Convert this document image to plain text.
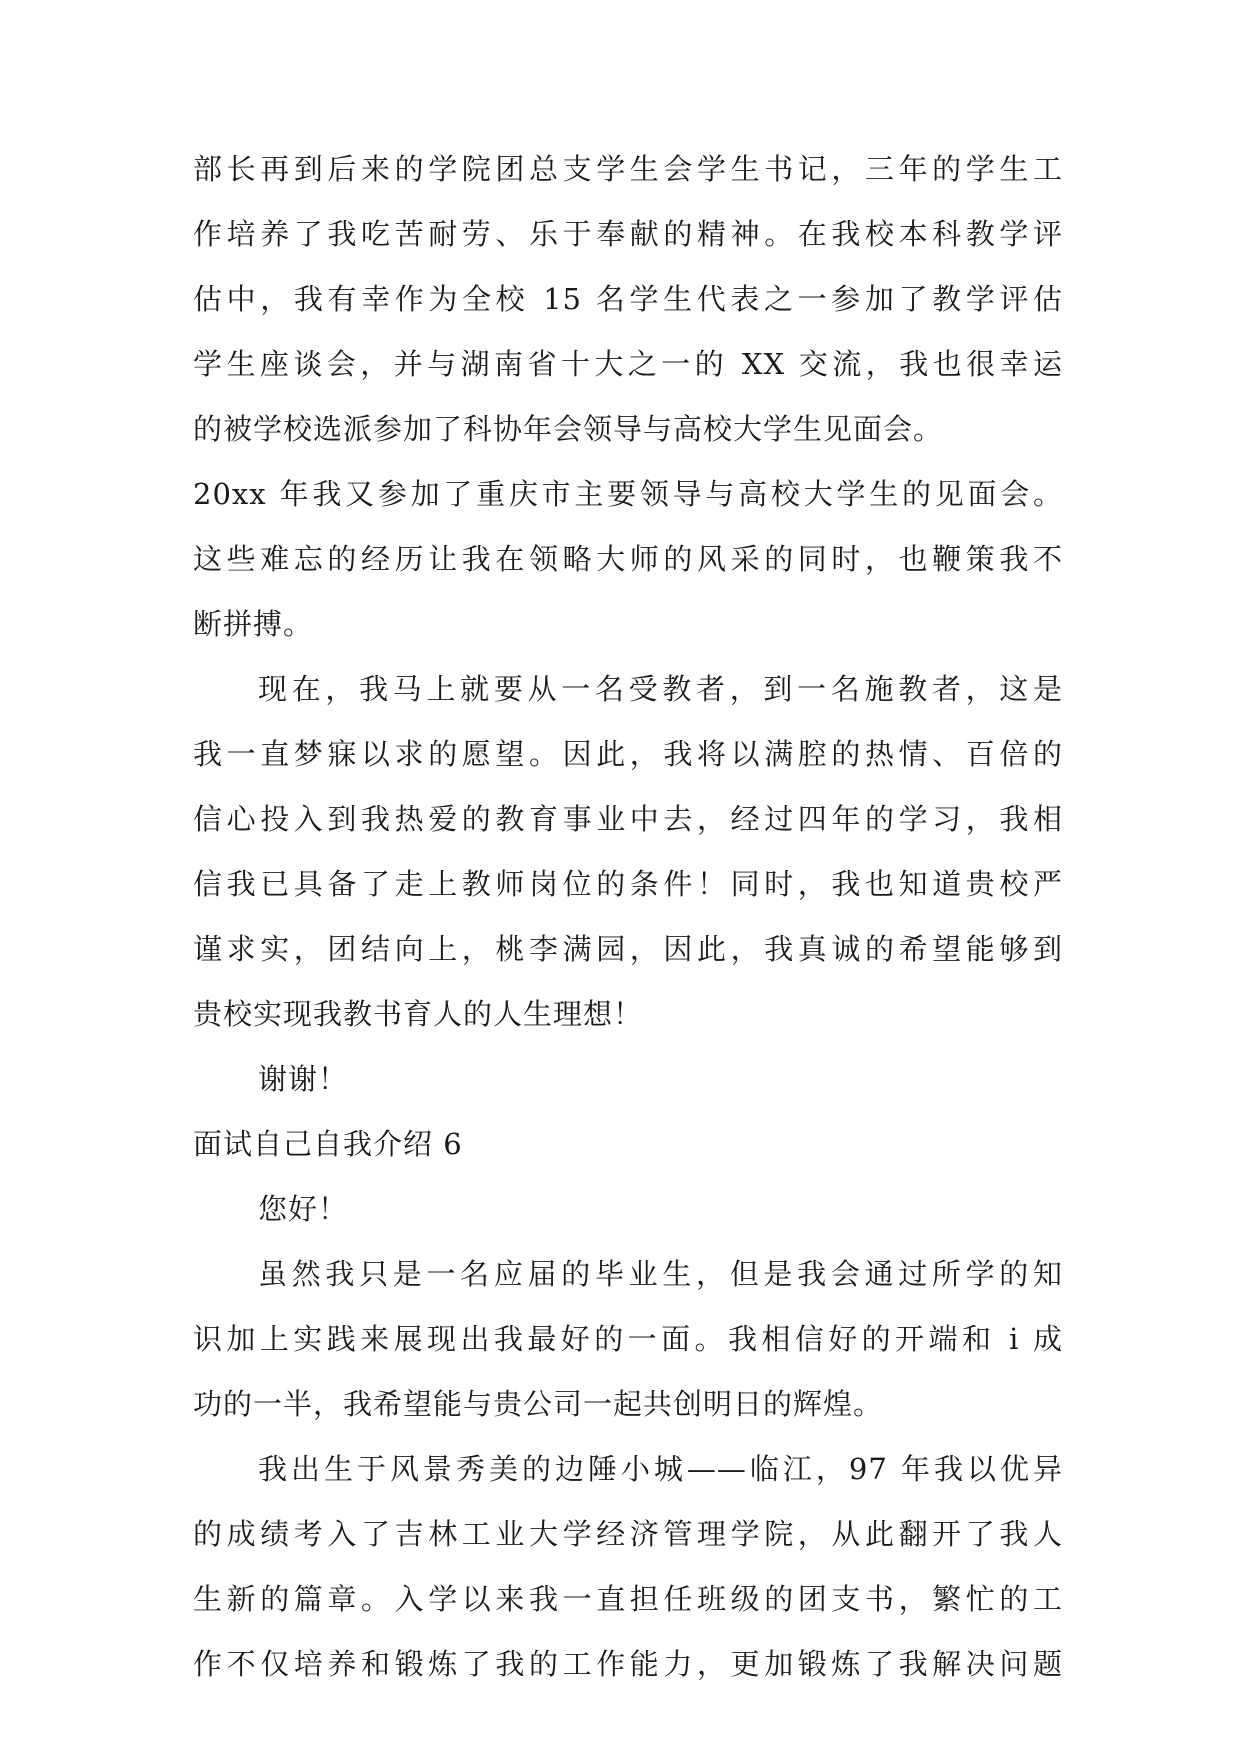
部长再到后来的学院团总支学生会学生书记，三年的学生工
作培养了我吃苦耐劳、乐于奉献的精神。在我校本科教学评
估中，我有幸作为全校 15 名学生代表之一参加了教学评估
学生座谈会，并与湖南省十大之一的 XX 交流，我也很幸运
的被学校选派参加了科协年会领导与高校大学生见面会。
20xx 年我又参加了重庆市主要领导与高校大学生的见面会。
这些难忘的经历让我在领略大师的风采的同时，也鞭策我不
断拼搏。
现在，我马上就要从一名受教者，到一名施教者，这是
我一直梦寐以求的愿望。因此，我将以满腔的热情、百倍的
信心投入到我热爱的教育事业中去，经过四年的学习，我相
信我已具备了走上教师岗位的条件！同时，我也知道贵校严
谨求实，团结向上，桃李满园，因此，我真诚的希望能够到
贵校实现我教书育人的人生理想！
谢谢！
面试自己自我介绍 6
您好！
虽然我只是一名应届的毕业生，但是我会通过所学的知
识加上实践来展现出我最好的一面。我相信好的开端和 i 成
功的一半，我希望能与贵公司一起共创明日的辉煌。
我出生于风景秀美的边陲小城——临江，97 年我以优异
的成绩考入了吉林工业大学经济管理学院，从此翻开了我人
生新的篇章。入学以来我一直担任班级的团支书，繁忙的工
作不仅培养和锻炼了我的工作能力，更加锻炼了我解决问题
